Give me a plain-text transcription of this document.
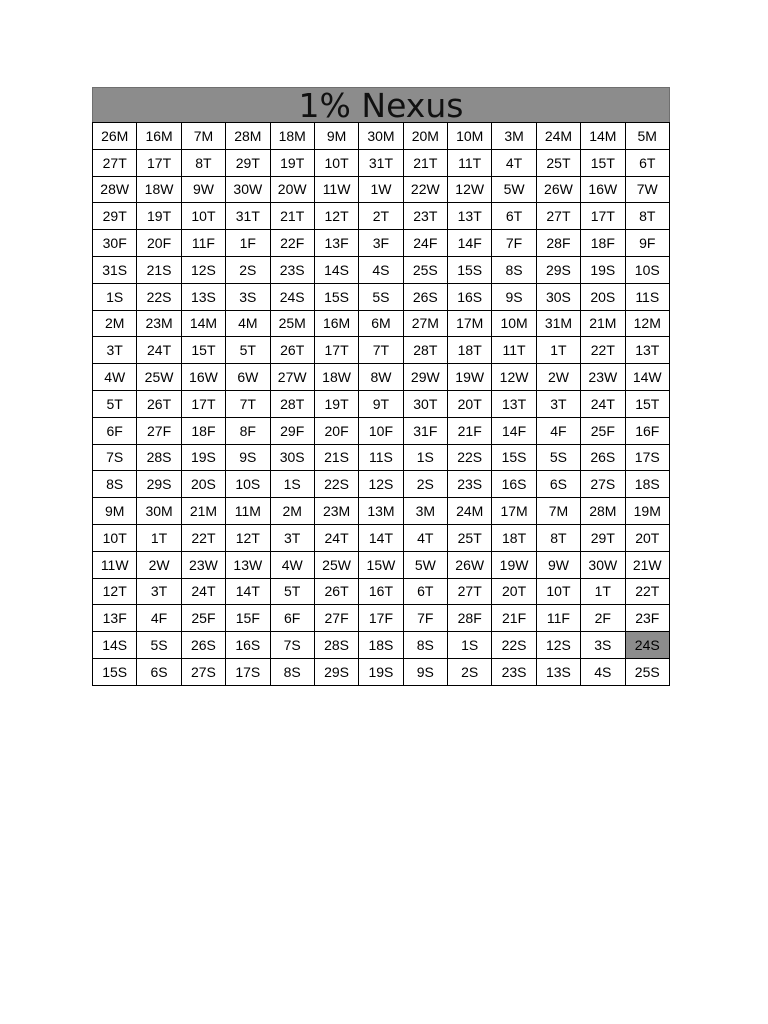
1% Nexus
26M	16M	7M	28M	18M	9M	30M	20M	10M	3M	24M	14M	5M
27T	17T	8T	29T	19T	10T	31T	21T	11T	4T	25T	15T	6T
28W	18W	9W	30W	20W	11W	1W	22W	12W	5W	26W	16W	7W
29T	19T	10T	31T	21T	12T	2T	23T	13T	6T	27T	17T	8T
30F	20F	11F	1F	22F	13F	3F	24F	14F	7F	28F	18F	9F
31S	21S	12S	2S	23S	14S	4S	25S	15S	8S	29S	19S	10S
1S	22S	13S	3S	24S	15S	5S	26S	16S	9S	30S	20S	11S
2M	23M	14M	4M	25M	16M	6M	27M	17M	10M	31M	21M	12M
3T	24T	15T	5T	26T	17T	7T	28T	18T	11T	1T	22T	13T
4W	25W	16W	6W	27W	18W	8W	29W	19W	12W	2W	23W	14W
5T	26T	17T	7T	28T	19T	9T	30T	20T	13T	3T	24T	15T
6F	27F	18F	8F	29F	20F	10F	31F	21F	14F	4F	25F	16F
7S	28S	19S	9S	30S	21S	11S	1S	22S	15S	5S	26S	17S
8S	29S	20S	10S	1S	22S	12S	2S	23S	16S	6S	27S	18S
9M	30M	21M	11M	2M	23M	13M	3M	24M	17M	7M	28M	19M
10T	1T	22T	12T	3T	24T	14T	4T	25T	18T	8T	29T	20T
11W	2W	23W	13W	4W	25W	15W	5W	26W	19W	9W	30W	21W
12T	3T	24T	14T	5T	26T	16T	6T	27T	20T	10T	1T	22T
13F	4F	25F	15F	6F	27F	17F	7F	28F	21F	11F	2F	23F
14S	5S	26S	16S	7S	28S	18S	8S	1S	22S	12S	3S	24S
15S	6S	27S	17S	8S	29S	19S	9S	2S	23S	13S	4S	25S
